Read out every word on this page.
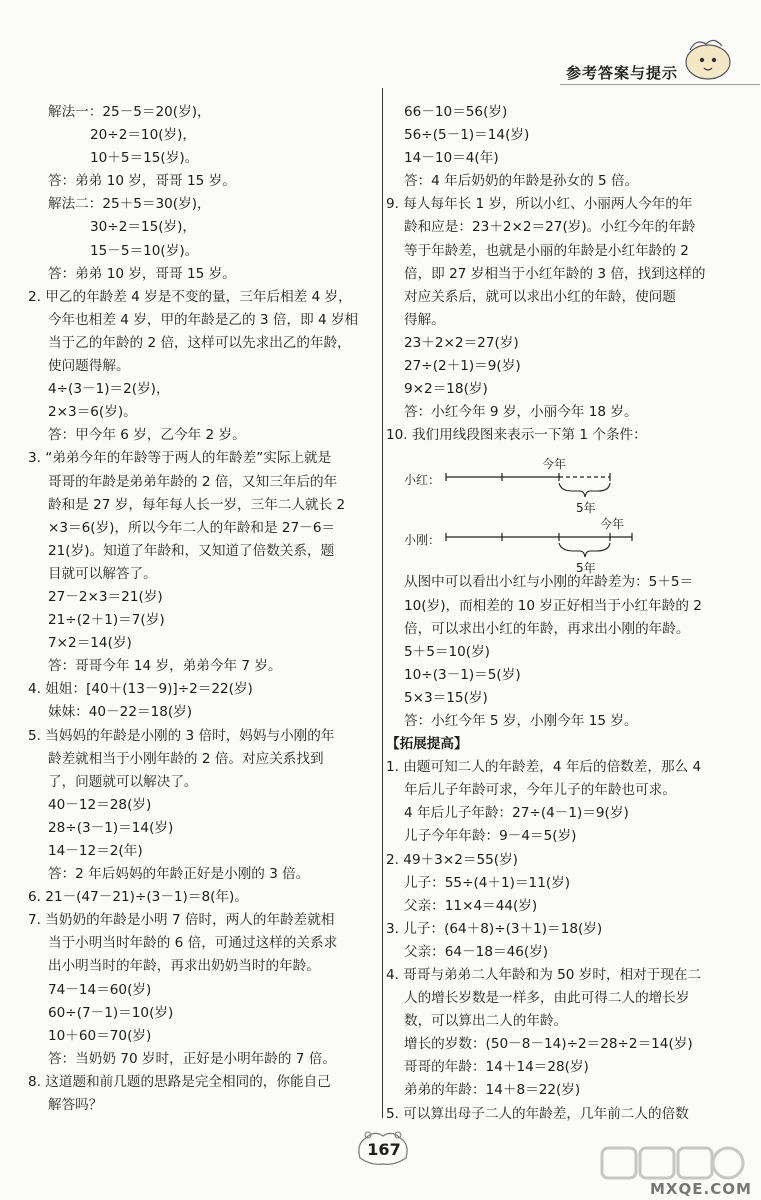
参考答案与提示
解法一：25－5＝20(岁)，
20÷2＝10(岁)，
10＋5＝15(岁)。
答：弟弟 10 岁，哥哥 15 岁。
解法二：25＋5＝30(岁)，
30÷2＝15(岁)，
15－5＝10(岁)。
答：弟弟 10 岁，哥哥 15 岁。
2. 甲乙的年龄差 4 岁是不变的量，三年后相差 4 岁，
今年也相差 4 岁，甲的年龄是乙的 3 倍，即 4 岁相
当于乙的年龄的 2 倍，这样可以先求出乙的年龄，
使问题得解。
4÷(3－1)＝2(岁)，
2×3＝6(岁)。
答：甲今年 6 岁，乙今年 2 岁。
3. “弟弟今年的年龄等于两人的年龄差”实际上就是
哥哥的年龄是弟弟年龄的 2 倍，又知三年后的年
龄和是 27 岁，每年每人长一岁，三年二人就长 2
×3＝6(岁)，所以今年二人的年龄和是 27－6＝
21(岁)。知道了年龄和，又知道了倍数关系，题
目就可以解答了。
27－2×3＝21(岁)
21÷(2＋1)＝7(岁)
7×2＝14(岁)
答：哥哥今年 14 岁，弟弟今年 7 岁。
4. 姐姐：[40＋(13－9)]÷2＝22(岁)
妹妹：40－22＝18(岁)
5. 当妈妈的年龄是小刚的 3 倍时，妈妈与小刚的年
龄差就相当于小刚年龄的 2 倍。对应关系找到
了，问题就可以解决了。
40－12＝28(岁)
28÷(3－1)＝14(岁)
14－12＝2(年)
答：2 年后妈妈的年龄正好是小刚的 3 倍。
6. 21－(47－21)÷(3－1)＝8(年)。
7. 当奶奶的年龄是小明 7 倍时，两人的年龄差就相
当于小明当时年龄的 6 倍，可通过这样的关系求
出小明当时的年龄，再求出奶奶当时的年龄。
74－14＝60(岁)
60÷(7－1)＝10(岁)
10＋60＝70(岁)
答：当奶奶 70 岁时，正好是小明年龄的 7 倍。
8. 这道题和前几题的思路是完全相同的，你能自己
解答吗？
66－10＝56(岁)
56÷(5－1)＝14(岁)
14－10＝4(年)
答：4 年后奶奶的年龄是孙女的 5 倍。
9. 每人每年长 1 岁，所以小红、小丽两人今年的年
龄和应是：23＋2×2＝27(岁)。小红今年的年龄
等于年龄差，也就是小丽的年龄是小红年龄的 2
倍，即 27 岁相当于小红年龄的 3 倍，找到这样的
对应关系后，就可以求出小红的年龄，使问题
得解。
23＋2×2＝27(岁)
27÷(2＋1)＝9(岁)
9×2＝18(岁)
答：小红今年 9 岁，小丽今年 18 岁。
10. 我们用线段图来表示一下第 1 个条件：
小红：
今年
5年
小刚：
今年
5年
从图中可以看出小红与小刚的年龄差为：5＋5＝
10(岁)，而相差的 10 岁正好相当于小红年龄的 2
倍，可以求出小红的年龄，再求出小刚的年龄。
5＋5＝10(岁)
10÷(3－1)＝5(岁)
5×3＝15(岁)
答：小红今年 5 岁，小刚今年 15 岁。
【拓展提高】
1. 由题可知二人的年龄差，4 年后的倍数差，那么 4
年后儿子年龄可求，今年儿子的年龄也可求。
4 年后儿子年龄：27÷(4－1)＝9(岁)
儿子今年年龄：9－4＝5(岁)
2. 49＋3×2＝55(岁)
儿子：55÷(4＋1)＝11(岁)
父亲：11×4＝44(岁)
3. 儿子：(64＋8)÷(3＋1)＝18(岁)
父亲：64－18＝46(岁)
4. 哥哥与弟弟二人年龄和为 50 岁时，相对于现在二
人的增长岁数是一样多，由此可得二人的增长岁
数，可以算出二人的年龄。
增长的岁数：(50－8－14)÷2＝28÷2＝14(岁)
哥哥的年龄：14＋14＝28(岁)
弟弟的年龄：14＋8＝22(岁)
5. 可以算出母子二人的年龄差，几年前二人的倍数
167
MXQE.COM
